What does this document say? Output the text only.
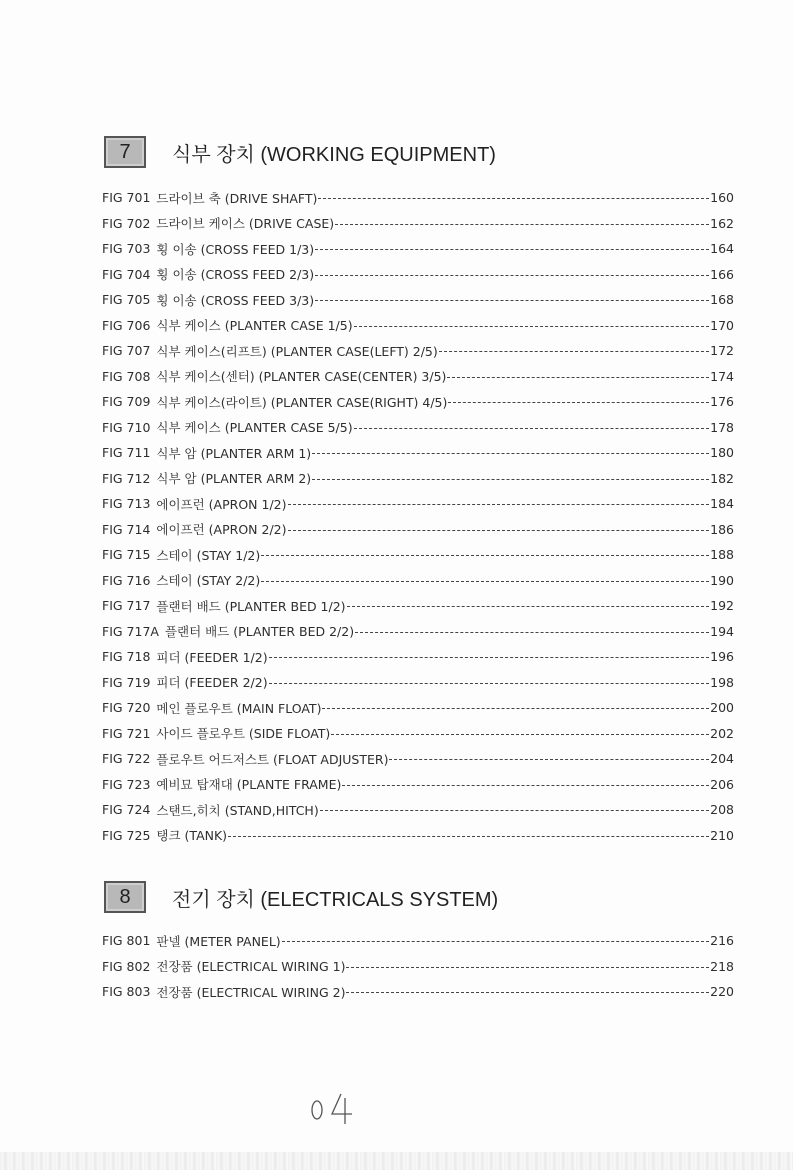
7	식부 장치 (WORKING EQUIPMENT)
FIG 701 드라이브 축 (DRIVE SHAFT)	160
FIG 702 드라이브 케이스 (DRIVE CASE)	162
FIG 703 횡 이송 (CROSS FEED 1/3)	164
FIG 704 횡 이송 (CROSS FEED 2/3)	166
FIG 705 횡 이송 (CROSS FEED 3/3)	168
FIG 706 식부 케이스 (PLANTER CASE 1/5)	170
FIG 707 식부 케이스(리프트) (PLANTER CASE(LEFT) 2/5)	172
FIG 708 식부 케이스(센터) (PLANTER CASE(CENTER) 3/5)	174
FIG 709 식부 케이스(라이트) (PLANTER CASE(RIGHT) 4/5)	176
FIG 710 식부 케이스 (PLANTER CASE 5/5)	178
FIG 711 식부 암 (PLANTER ARM 1)	180
FIG 712 식부 암 (PLANTER ARM 2)	182
FIG 713 에이프런 (APRON 1/2)	184
FIG 714 에이프런 (APRON 2/2)	186
FIG 715 스테이 (STAY 1/2)	188
FIG 716 스테이 (STAY 2/2)	190
FIG 717 플랜터 배드 (PLANTER BED 1/2)	192
FIG 717A 플랜터 배드 (PLANTER BED 2/2)	194
FIG 718 피더 (FEEDER 1/2)	196
FIG 719 피더 (FEEDER 2/2)	198
FIG 720 메인 플로우트 (MAIN FLOAT)	200
FIG 721 사이드 플로우트 (SIDE FLOAT)	202
FIG 722 플로우트 어드저스트 (FLOAT ADJUSTER)	204
FIG 723 예비묘 탑재대 (PLANTE FRAME)	206
FIG 724 스탠드,히치 (STAND,HITCH)	208
FIG 725 탱크 (TANK)	210
8	전기 장치 (ELECTRICALS SYSTEM)
FIG 801 판넬 (METER PANEL)	216
FIG 802 전장품 (ELECTRICAL WIRING 1)	218
FIG 803 전장품 (ELECTRICAL WIRING 2)	220
